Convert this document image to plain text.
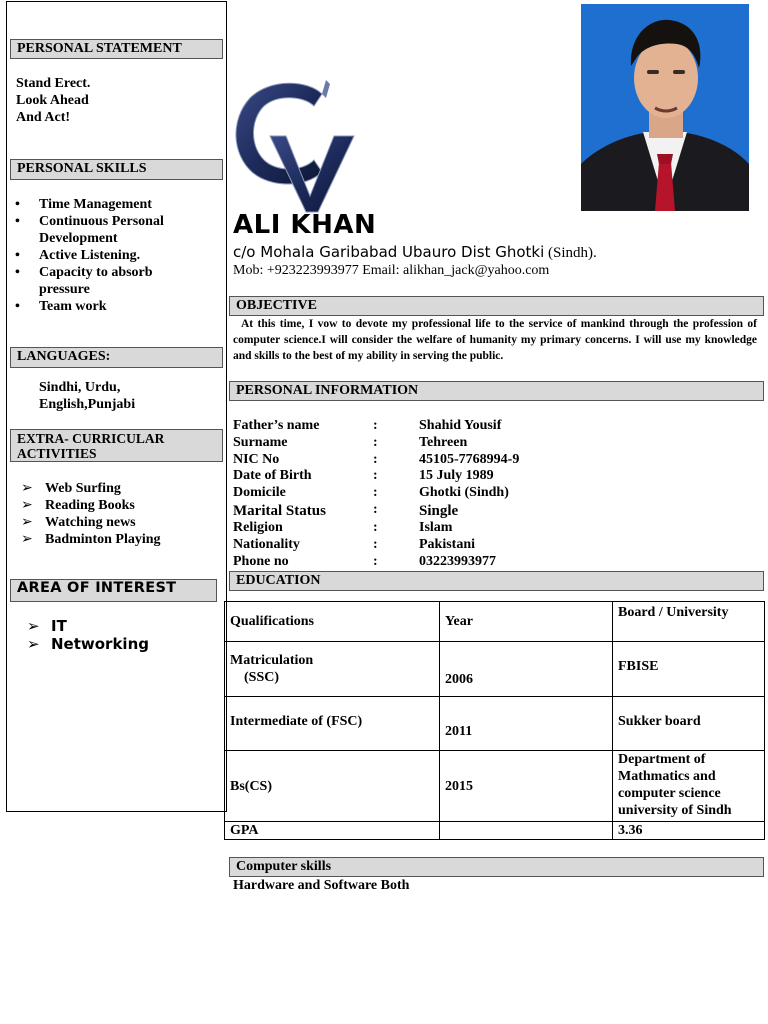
PERSONAL STATEMENT
Stand Erect.
Look Ahead
And Act!
PERSONAL SKILLS
•	Time Management
•	Continuous Personal
Development
•	Active Listening.
•	Capacity to absorb
pressure
•	Team work
LANGUAGES:
Sindhi, Urdu,
English,Punjabi
EXTRA- CURRICULAR
ACTIVITIES
➢ Web Surfing
➢ Reading Books
➢ Watching news
➢ Badminton Playing
AREA OF INTEREST
➢ IT
➢ Networking
ALI KHAN
c/o Mohala Garibabad Ubauro Dist Ghotki (Sindh).
Mob: +923223993977 Email: alikhan_jack@yahoo.com
OBJECTIVE
At this time, I vow to devote my professional life to the service of mankind through the profession of computer science.I will consider the welfare of humanity my primary concerns. I will use my knowledge and skills to the best of my ability in serving the public.
PERSONAL INFORMATION
Father’s name	:	Shahid Yousif
Surname	:	Tehreen
NIC No	:	45105-7768994-9
Date of Birth	:	15 July 1989
Domicile	:	Ghotki (Sindh)
Marital Status	:	Single
Religion	:	Islam
Nationality	:	Pakistani
Phone no	:	03223993977
EDUCATION
Qualifications	Year	Board / University

Matriculation
(SSC)	2006	FBISE
Intermediate of (FSC)	2011	Sukker board
Bs(CS)	2015	Department of Mathmatics and computer science university of Sindh
GPA		3.36
Computer skills
Hardware and Software Both
